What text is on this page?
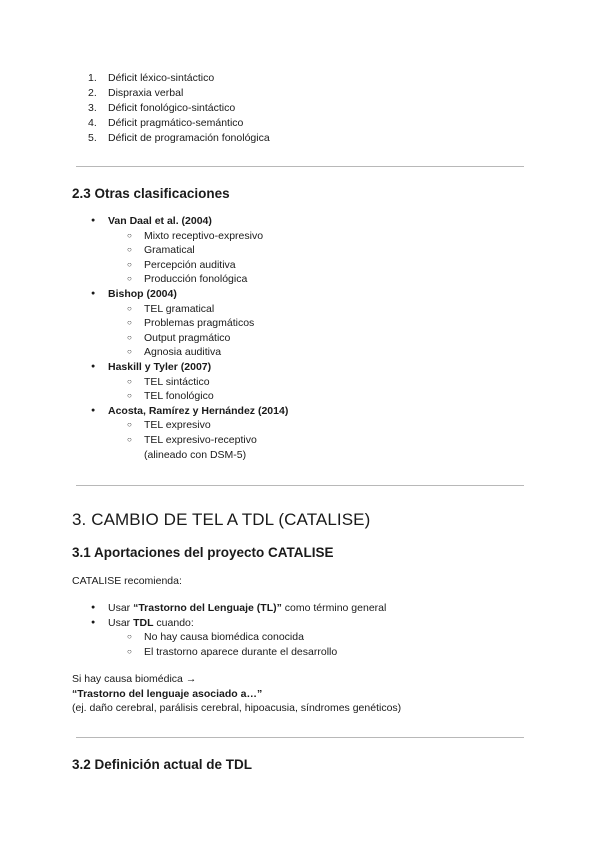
1.	Déficit léxico-sintáctico
2.	Dispraxia verbal
3.	Déficit fonológico-sintáctico
4.	Déficit pragmático-semántico
5.	Déficit de programación fonológica
2.3 Otras clasificaciones
● Van Daal et al. (2004)
○ Mixto receptivo-expresivo
○ Gramatical
○ Percepción auditiva
○ Producción fonológica
● Bishop (2004)
○ TEL gramatical
○ Problemas pragmáticos
○ Output pragmático
○ Agnosia auditiva
● Haskill y Tyler (2007)
○ TEL sintáctico
○ TEL fonológico
● Acosta, Ramírez y Hernández (2014)
○ TEL expresivo
○ TEL expresivo-receptivo
(alineado con DSM-5)
3. CAMBIO DE TEL A TDL (CATALISE)
3.1 Aportaciones del proyecto CATALISE
CATALISE recomienda:
● Usar “Trastorno del Lenguaje (TL)” como término general
● Usar TDL cuando:
○ No hay causa biomédica conocida
○ El trastorno aparece durante el desarrollo
Si hay causa biomédica →
“Trastorno del lenguaje asociado a…”
(ej. daño cerebral, parálisis cerebral, hipoacusia, síndromes genéticos)
3.2 Definición actual de TDL
